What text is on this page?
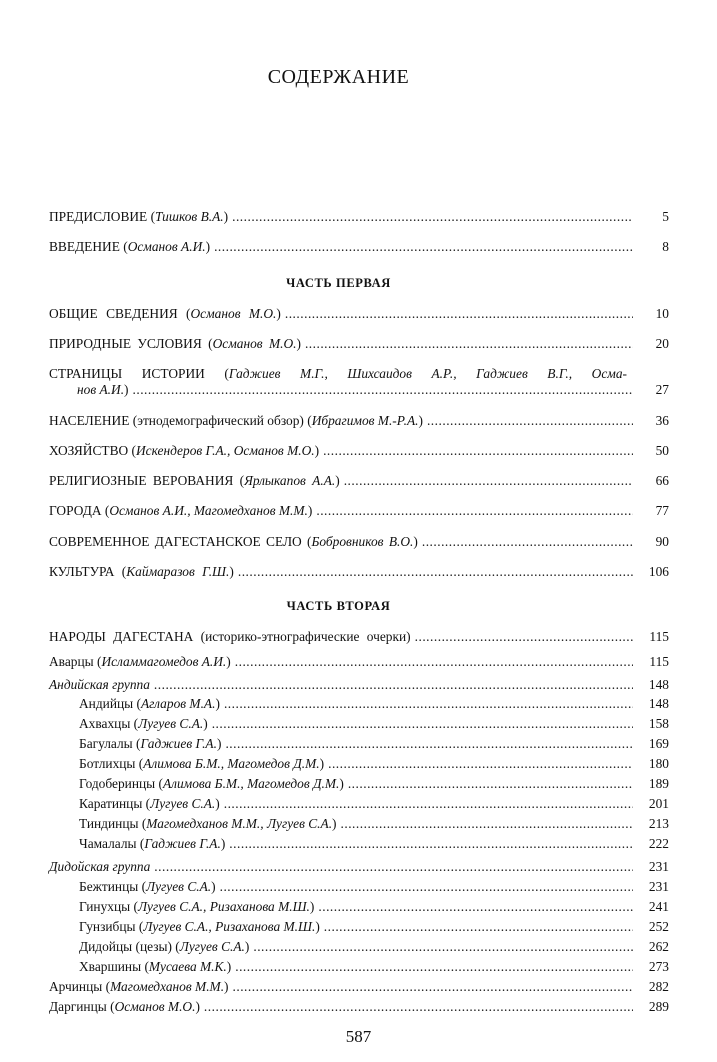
СОДЕРЖАНИЕ
ПРЕДИСЛОВИЕ (Тишков В.А.) .....	5
ВВЕДЕНИЕ (Османов А.И.) .....	8
ЧАСТЬ ПЕРВАЯ
ОБЩИЕ СВЕДЕНИЯ (Османов М.О.) .....	10
ПРИРОДНЫЕ УСЛОВИЯ (Османов М.О.) .....	20
СТРАНИЦЫ ИСТОРИИ (Гаджиев М.Г., Шихсаидов А.Р., Гаджиев В.Г., Осма-
нов А.И.) .....	27
НАСЕЛЕНИЕ (этнодемографический обзор) (Ибрагимов М.-Р.А.) .....	36
ХОЗЯЙСТВО (Искендеров Г.А., Османов М.О.) .....	50
РЕЛИГИОЗНЫЕ ВЕРОВАНИЯ (Ярлыкапов А.А.) .....	66
ГОРОДА (Османов А.И., Магомедханов М.М.) .....	77
СОВРЕМЕННОЕ ДАГЕСТАНСКОЕ СЕЛО (Бобровников В.О.) .....	90
КУЛЬТУРА (Каймаразов Г.Ш.) .....	106
ЧАСТЬ ВТОРАЯ
НАРОДЫ ДАГЕСТАНА (историко-этнографические очерки) .....	115
Аварцы (Исламмагомедов А.И.) .....	115
Андийская группа .....	148
Андийцы (Агларов М.А.) .....	148
Ахвахцы (Лугуев С.А.) .....	158
Багулалы (Гаджиев Г.А.) .....	169
Ботлихцы (Алимова Б.М., Магомедов Д.М.) .....	180
Годоберинцы (Алимова Б.М., Магомедов Д.М.) .....	189
Каратинцы (Лугуев С.А.) .....	201
Тиндинцы (Магомедханов М.М., Лугуев С.А.) .....	213
Чамалалы (Гаджиев Г.А.) .....	222
Дидойская группа .....	231
Бежтинцы (Лугуев С.А.) .....	231
Гинухцы (Лугуев С.А., Ризаханова М.Ш.) .....	241
Гунзибцы (Лугуев С.А., Ризаханова М.Ш.) .....	252
Дидойцы (цезы) (Лугуев С.А.) .....	262
Хваршины (Мусаева М.К.) .....	273
Арчинцы (Магомедханов М.М.) .....	282
Даргинцы (Османов М.О.) .....	289
587
